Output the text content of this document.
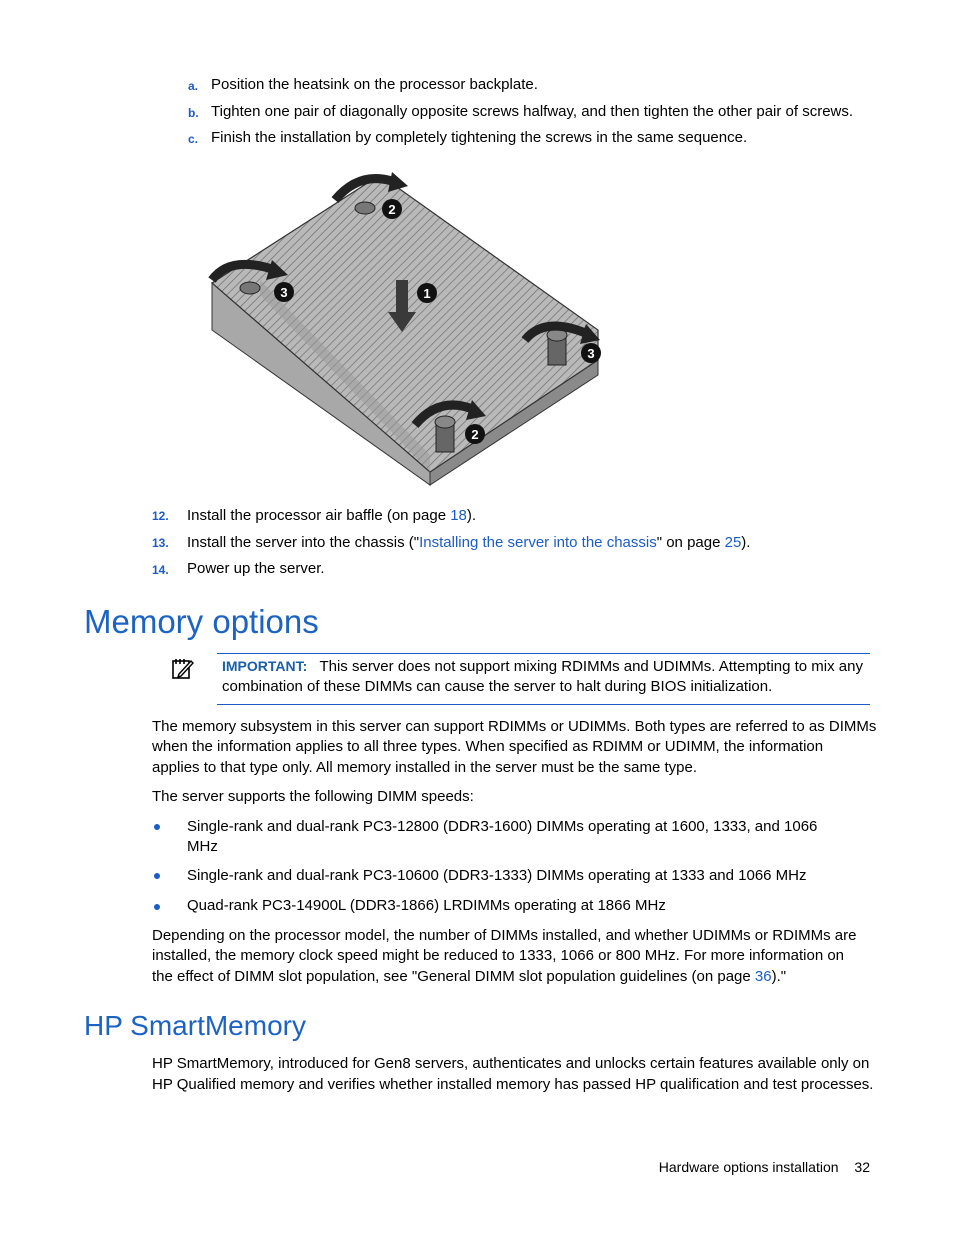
a. Position the heatsink on the processor backplate.
b. Tighten one pair of diagonally opposite screws halfway, and then tighten the other pair of screws.
c. Finish the installation by completely tightening the screws in the same sequence.
1
2
2
3
3
12. Install the processor air baffle (on page 18).
13. Install the server into the chassis ("Installing the server into the chassis" on page 25).
14. Power up the server.
Memory options
IMPORTANT: This server does not support mixing RDIMMs and UDIMMs. Attempting to mix any
combination of these DIMMs can cause the server to halt during BIOS initialization.
The memory subsystem in this server can support RDIMMs or UDIMMs. Both types are referred to as DIMMs
when the information applies to all three types. When specified as RDIMM or UDIMM, the information
applies to that type only. All memory installed in the server must be the same type.
The server supports the following DIMM speeds:
Single-rank and dual-rank PC3-12800 (DDR3-1600) DIMMs operating at 1600, 1333, and 1066
MHz
Single-rank and dual-rank PC3-10600 (DDR3-1333) DIMMs operating at 1333 and 1066 MHz
Quad-rank PC3-14900L (DDR3-1866) LRDIMMs operating at 1866 MHz
Depending on the processor model, the number of DIMMs installed, and whether UDIMMs or RDIMMs are
installed, the memory clock speed might be reduced to 1333, 1066 or 800 MHz. For more information on
the effect of DIMM slot population, see "General DIMM slot population guidelines (on page 36)."
HP SmartMemory
HP SmartMemory, introduced for Gen8 servers, authenticates and unlocks certain features available only on
HP Qualified memory and verifies whether installed memory has passed HP qualification and test processes.
Hardware options installation 32
